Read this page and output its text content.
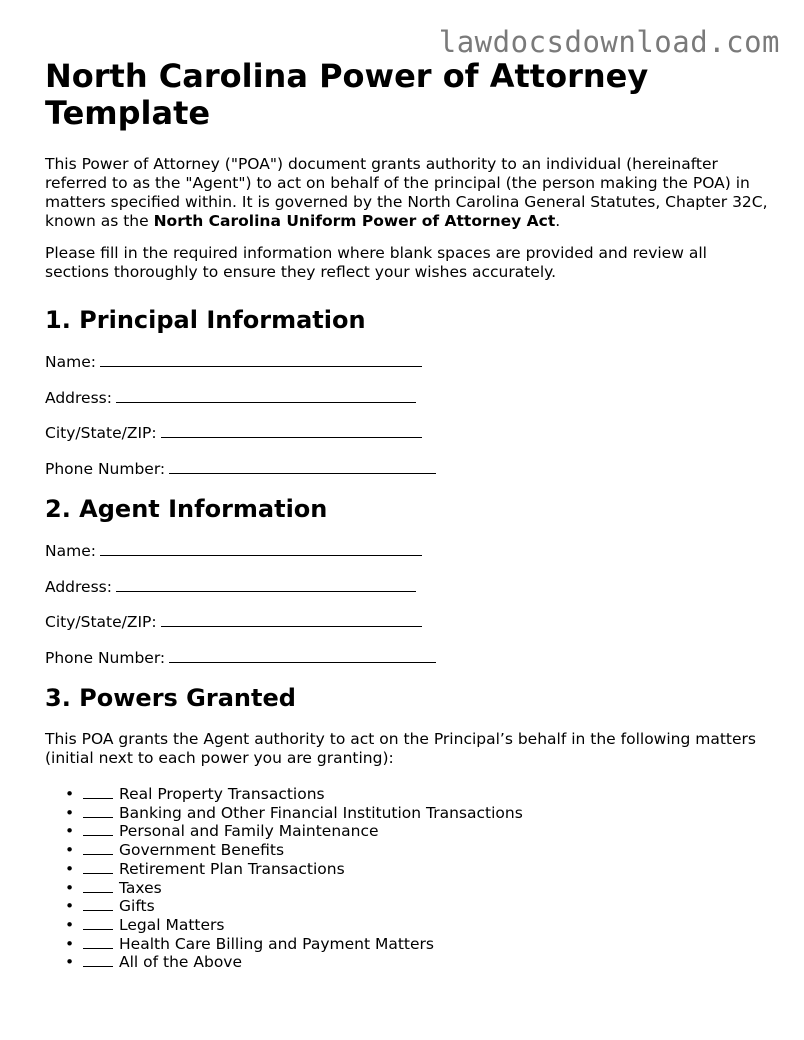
lawdocsdownload.com
North Carolina Power of Attorney Template

This Power of Attorney ("POA") document grants authority to an individual (hereinafter referred to as the "Agent") to act on behalf of the principal (the person making the POA) in matters specified within. It is governed by the North Carolina General Statutes, Chapter 32C, known as the North Carolina Uniform Power of Attorney Act.

Please fill in the required information where blank spaces are provided and review all sections thoroughly to ensure they reflect your wishes accurately.

1. Principal Information
Name:
Address:
City/State/ZIP:
Phone Number:
2. Agent Information
Name:
Address:
City/State/ZIP:
Phone Number:
3. Powers Granted

This POA grants the Agent authority to act on the Principal’s behalf in the following matters (initial next to each power you are granting):

•	Real Property Transactions
•	Banking and Other Financial Institution Transactions
•	Personal and Family Maintenance
•	Government Benefits
•	Retirement Plan Transactions
•	Taxes
•	Gifts
•	Legal Matters
•	Health Care Billing and Payment Matters
•	All of the Above
